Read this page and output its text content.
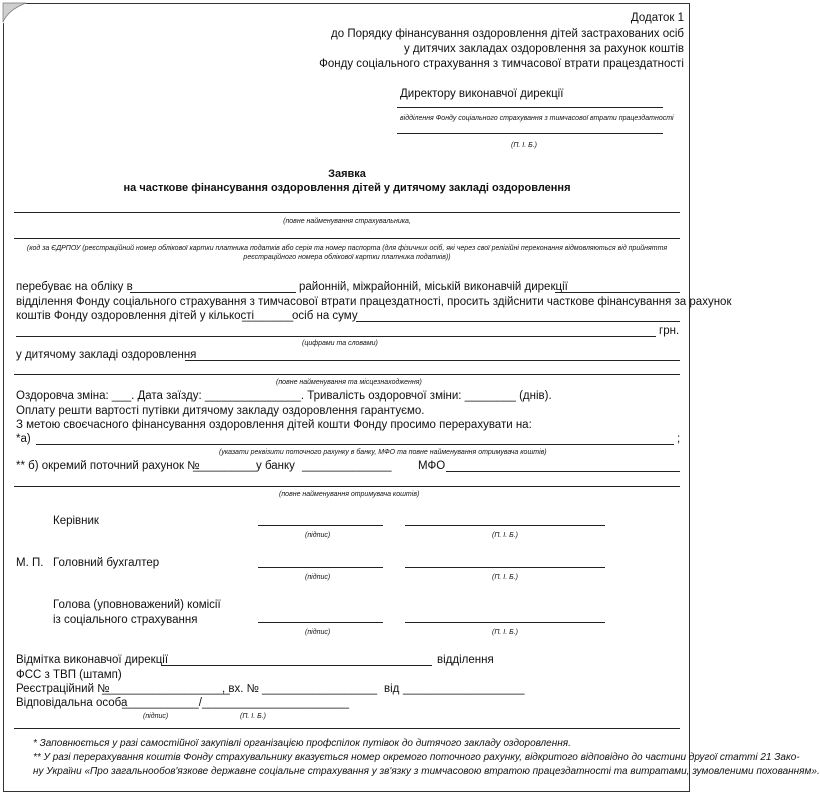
Додаток 1
до Порядку фінансування оздоровлення дітей застрахованих осіб
у дитячих закладах оздоровлення за рахунок коштів
Фонду соціального страхування з тимчасової втрати працездатності
Директору виконавчої дирекції
відділення Фонду соціального страхування з тимчасової втрати працездатності
(П. І. Б.)
Заявка
на часткове фінансування оздоровлення дітей у дитячому закладі оздоровлення
(повне найменування страхувальника,
(код за ЄДРПОУ (реєстраційний номер облікової картки платника податків або серія та номер паспорта (для фізичних осіб, які через свої релігійні переконання відмовляються від прийняття
реєстраційного номера облікової картки платника податків))
перебуває на обліку в	районній, міжрайонній, міській виконавчій дирекції
відділення Фонду соціального страхування з тимчасової втрати працездатності, просить здійснити часткове фінансування за рахунок
коштів Фонду оздоровлення дітей у кількості
________
осіб на суму
грн.
(цифрами та словами)
у дитячому закладі оздоровлення
(повне найменування та місцезнаходження)
Оздоровча зміна: ___. Дата заїзду: _______________. Тривалість оздоровчої зміни: ________ (днів).
Оплату решти вартості путівки дитячому закладу оздоровлення гарантуємо.
З метою своєчасного фінансування оздоровлення дітей кошти Фонду просимо перерахувати на:
*а)	;
(указати реквізити поточного рахунку в банку, МФО та повне найменування отримувача коштів)
** б) окремий поточний рахунок №
__________ у банку ______________ МФО
(повне найменування отримувача коштів)
Керівник
(підпис)	(П. І. Б.)
М. П. Головний бухгалтер
(підпис)	(П. І. Б.)
Голова (уповноважений) комісії
із соціального страхування
(підпис)	(П. І. Б.)
Відмітка виконавчої дирекції	відділення
ФСС з ТВП (штамп)
Реєстраційний №
____________________
, вх. № __________________ від ___________________
Відповідальна особа
____________/_______________________
(підпис)	(П. І. Б.)
* Заповнюється у разі самостійної закупівлі організацією профспілок путівок до дитячого закладу оздоровлення.
** У разі перерахування коштів Фонду страхувальнику вказується номер окремого поточного рахунку, відкритого відповідно до частини другої статті 21 Зако-
ну України «Про загальнообов'язкове державне соціальне страхування у зв'язку з тимчасовою втратою працездатності та витратами, зумовленими похованням».
